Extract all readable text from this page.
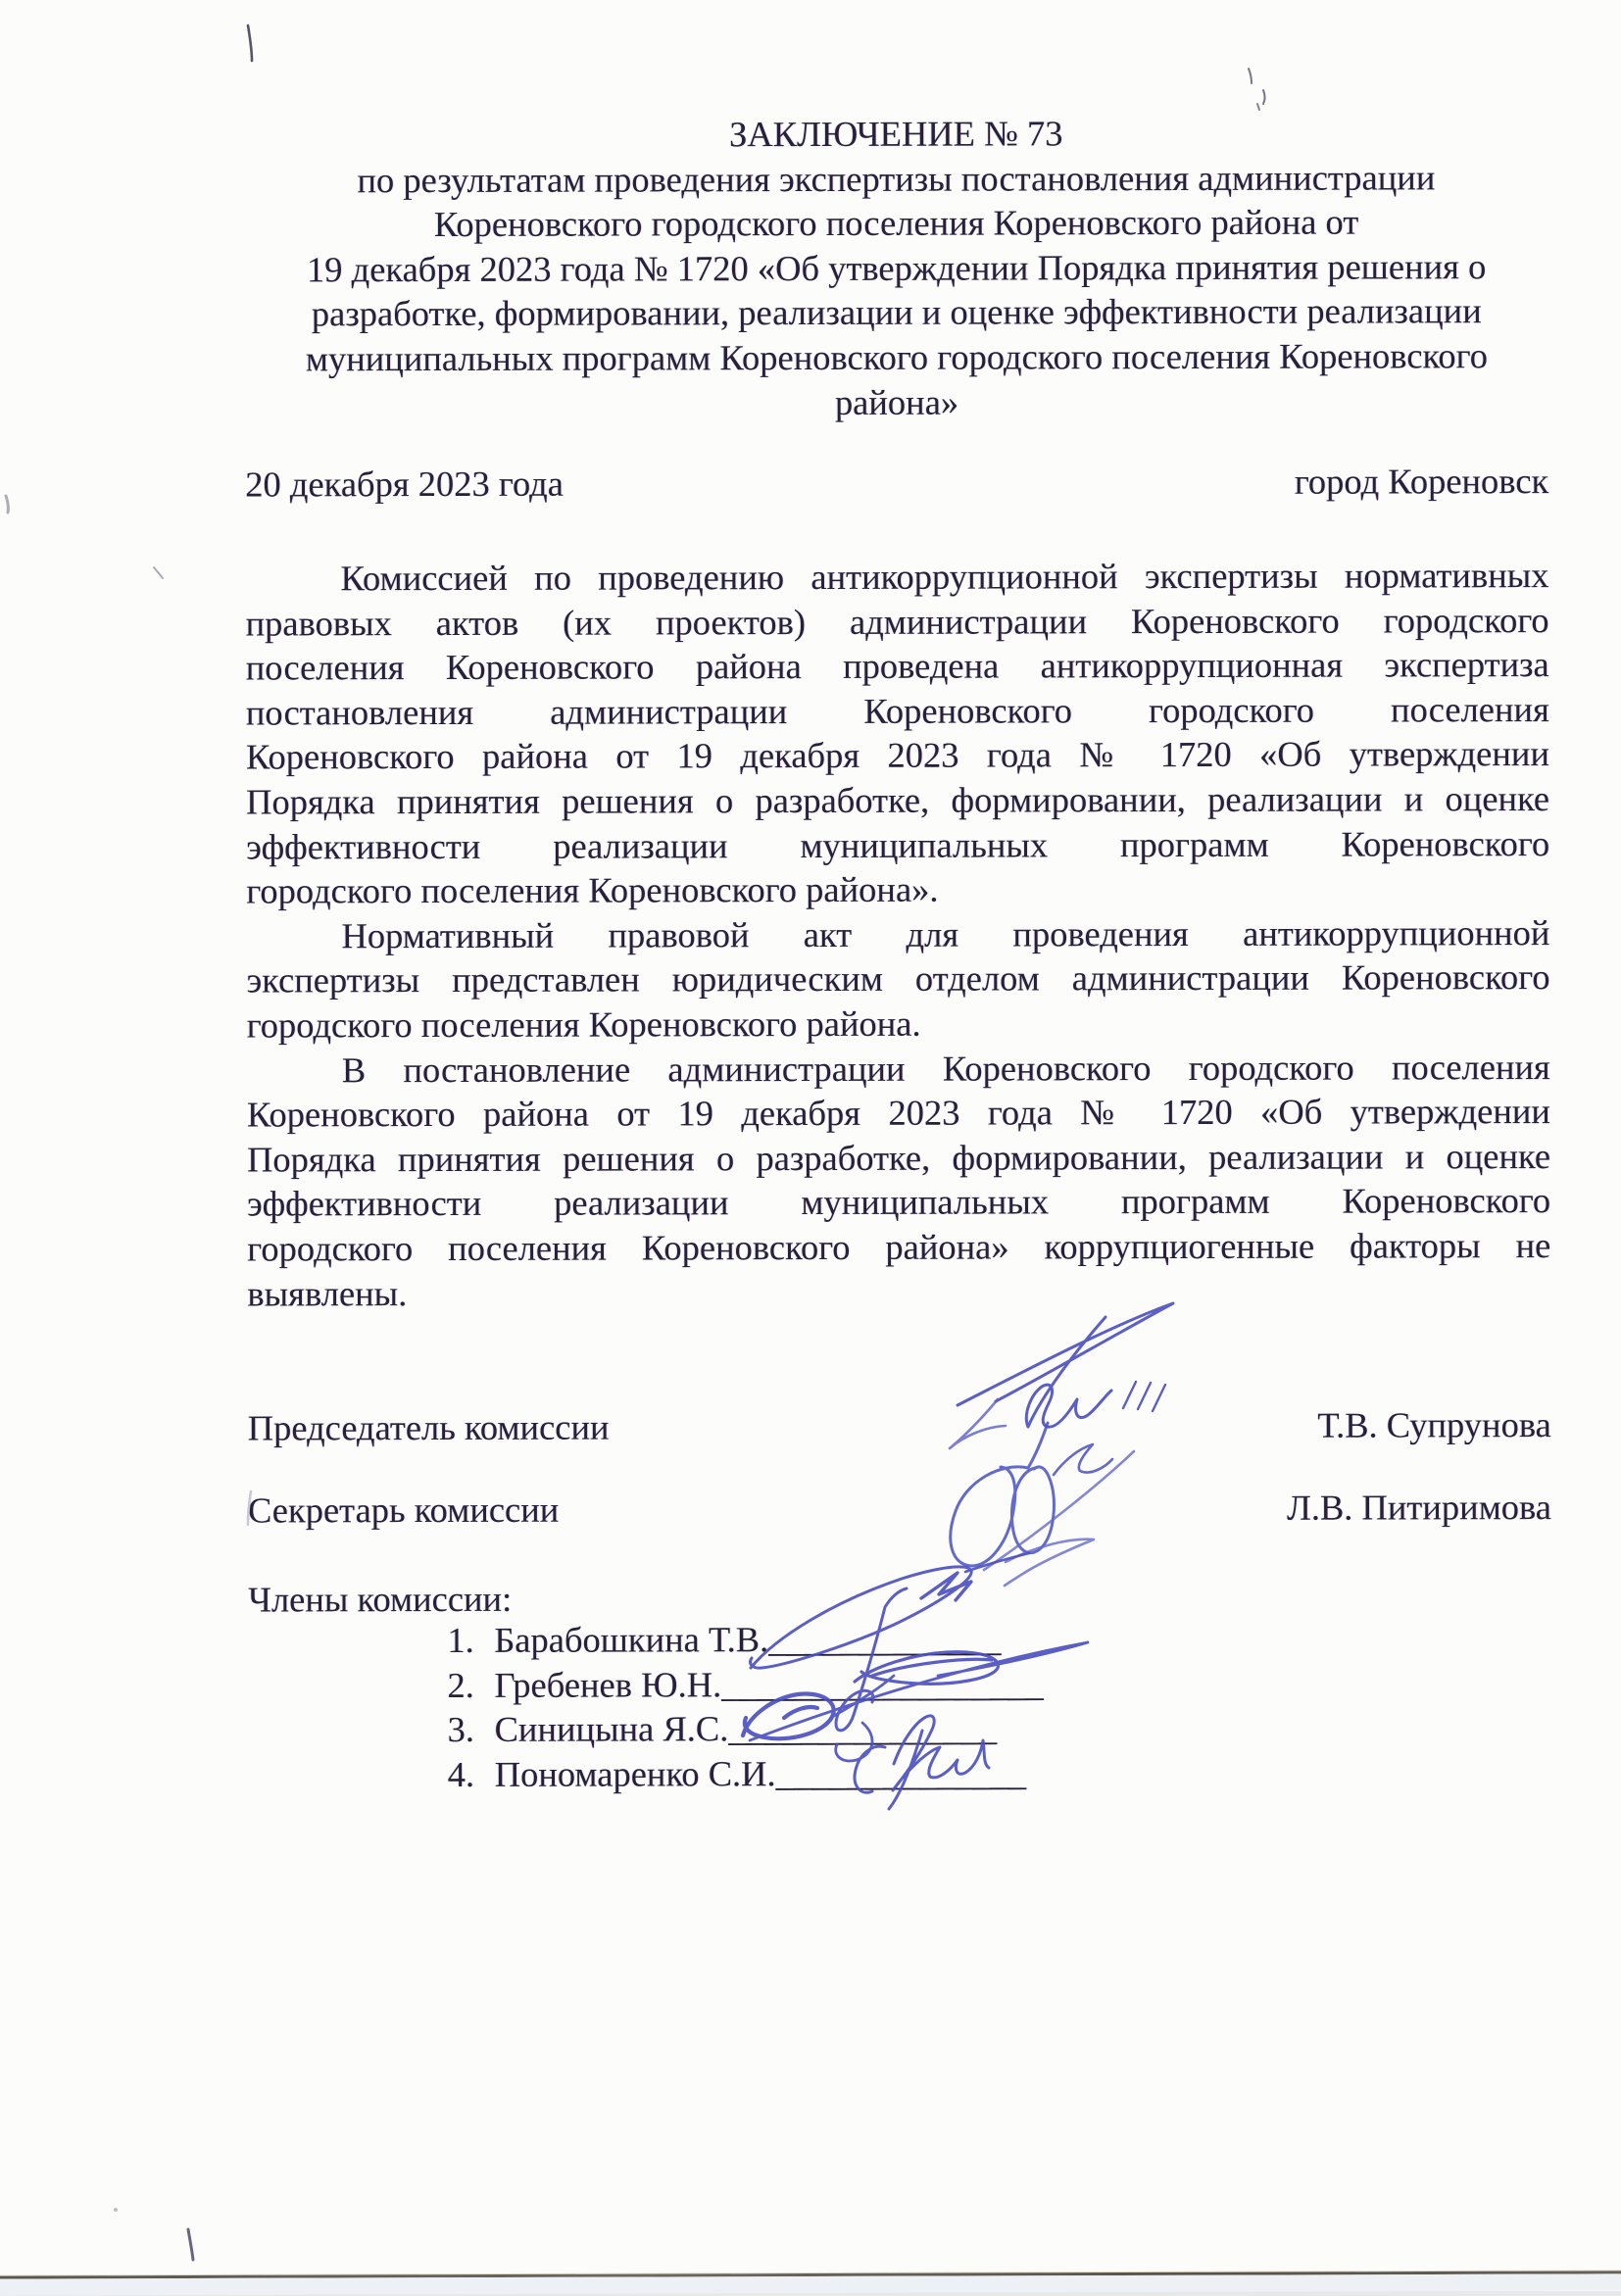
ЗАКЛЮЧЕНИЕ № 73
по результатам проведения экспертизы постановления администрации
Кореновского городского поселения Кореновского района от
19 декабря 2023 года № 1720 «Об утверждении Порядка принятия решения о
разработке, формировании, реализации и оценке эффективности реализации
муниципальных программ Кореновского городского поселения Кореновского
района»
20 декабря 2023 года	город Кореновск
Комиссией по проведению антикоррупционной экспертизы нормативных
правовых актов (их проектов) администрации Кореновского городского
поселения Кореновского района проведена антикоррупционная экспертиза
постановления администрации Кореновского городского поселения
Кореновского района от 19 декабря 2023 года № 1720 «Об утверждении
Порядка принятия решения о разработке, формировании, реализации и оценке
эффективности реализации муниципальных программ Кореновского
городского поселения Кореновского района».
Нормативный правовой акт для проведения антикоррупционной
экспертизы представлен юридическим отделом администрации Кореновского
городского поселения Кореновского района.
В постановление администрации Кореновского городского поселения
Кореновского района от 19 декабря 2023 года № 1720 «Об утверждении
Порядка принятия решения о разработке, формировании, реализации и оценке
эффективности реализации муниципальных программ Кореновского
городского поселения Кореновского района» коррупциогенные факторы не
выявлены.
Председатель комиссии	Т.В. Супрунова
Секретарь комиссии	Л.В. Питиримова
Члены комиссии:
1. Барабошкина Т.В. _____________
2. Гребенев Ю.Н. __________________
3. Синицына Я.С. _______________
4. Пономаренко С.И. ______________
